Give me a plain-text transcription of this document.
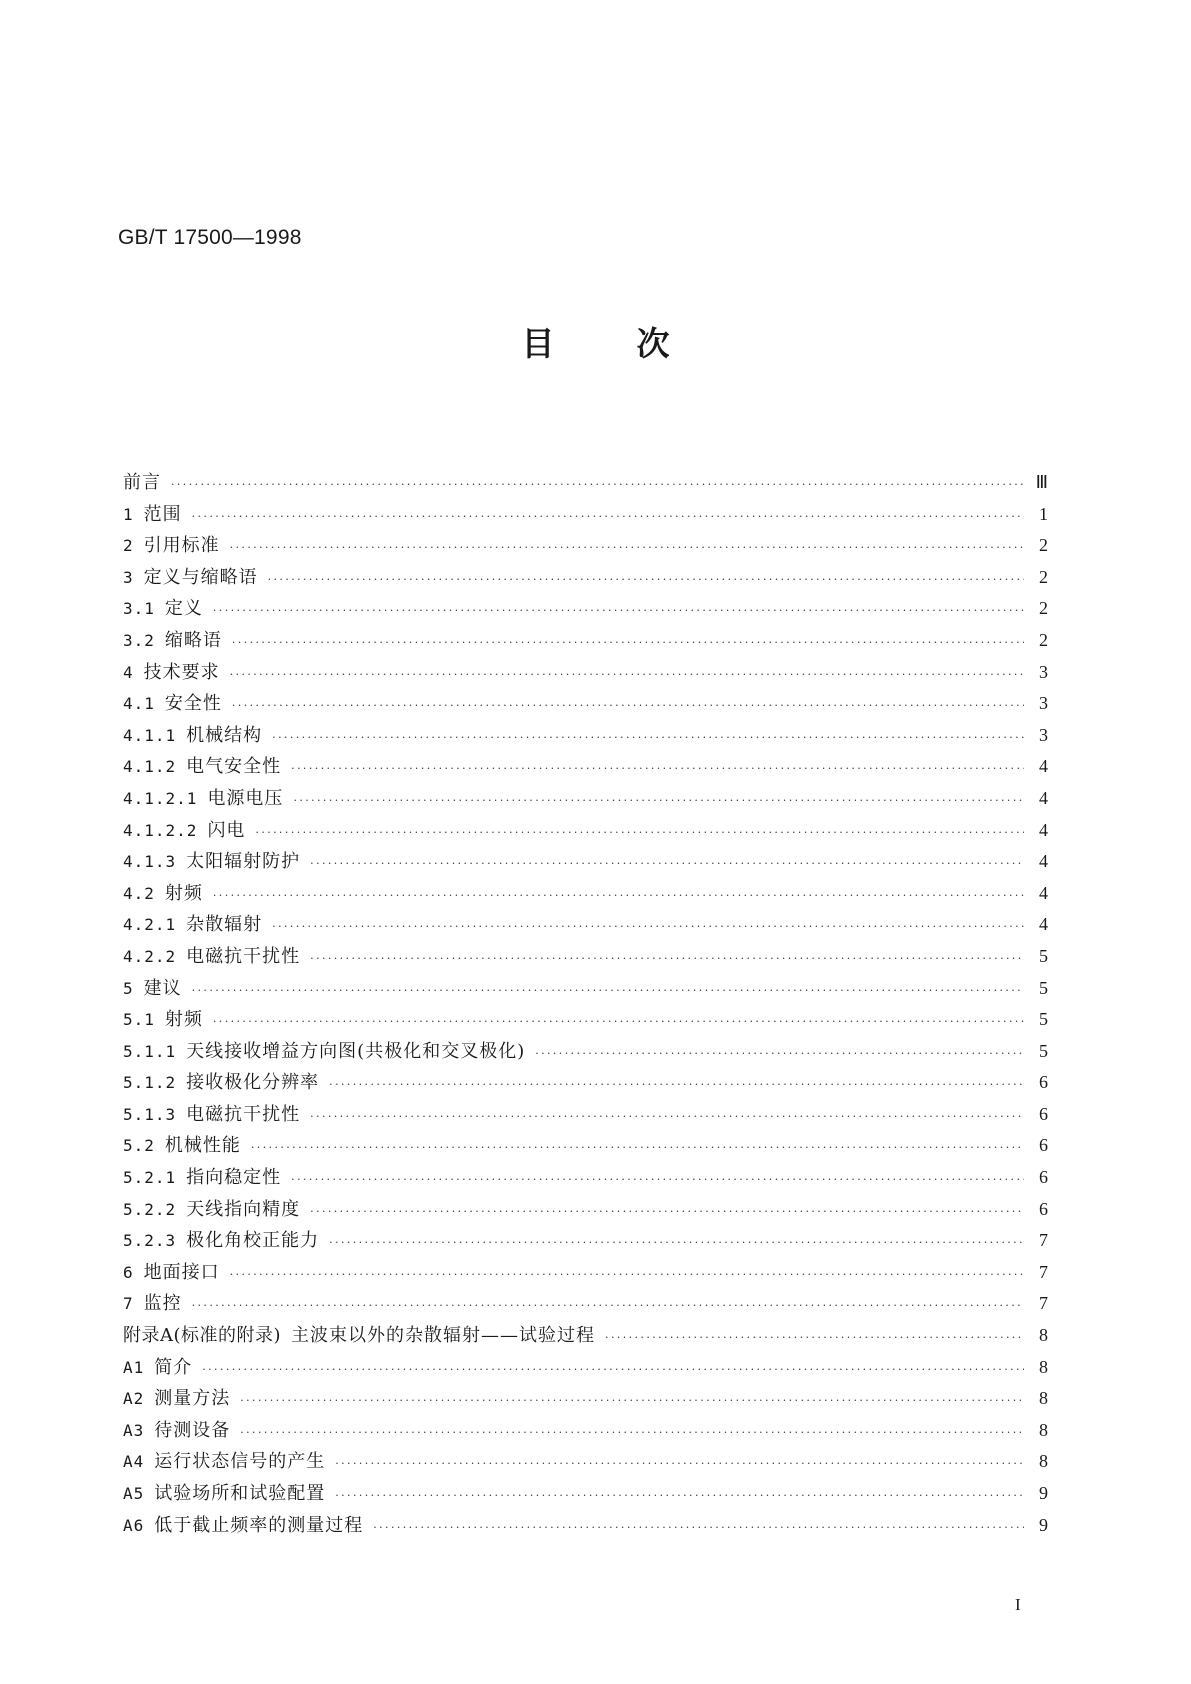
GB/T 17500—1998
目 次
前言 ·····	Ⅲ
1 范围 ·····	1
2 引用标准 ·····	2
3 定义与缩略语 ·····	2
3.1 定义 ·····	2
3.2 缩略语 ·····	2
4 技术要求 ·····	3
4.1 安全性 ·····	3
4.1.1 机械结构 ·····	3
4.1.2 电气安全性 ·····	4
4.1.2.1 电源电压 ·····	4
4.1.2.2 闪电 ·····	4
4.1.3 太阳辐射防护 ·····	4
4.2 射频 ·····	4
4.2.1 杂散辐射 ·····	4
4.2.2 电磁抗干扰性 ·····	5
5 建议 ·····	5
5.1 射频 ·····	5
5.1.1 天线接收增益方向图(共极化和交叉极化) ·····	5
5.1.2 接收极化分辨率 ·····	6
5.1.3 电磁抗干扰性 ·····	6
5.2 机械性能 ·····	6
5.2.1 指向稳定性 ·····	6
5.2.2 天线指向精度 ·····	6
5.2.3 极化角校正能力 ·····	7
6 地面接口 ·····	7
7 监控 ·····	7
附录A(标准的附录) 主波束以外的杂散辐射——试验过程 ·····	8
A1 简介 ·····	8
A2 测量方法 ·····	8
A3 待测设备 ·····	8
A4 运行状态信号的产生 ·····	8
A5 试验场所和试验配置 ·····	9
A6 低于截止频率的测量过程 ·····	9
I
